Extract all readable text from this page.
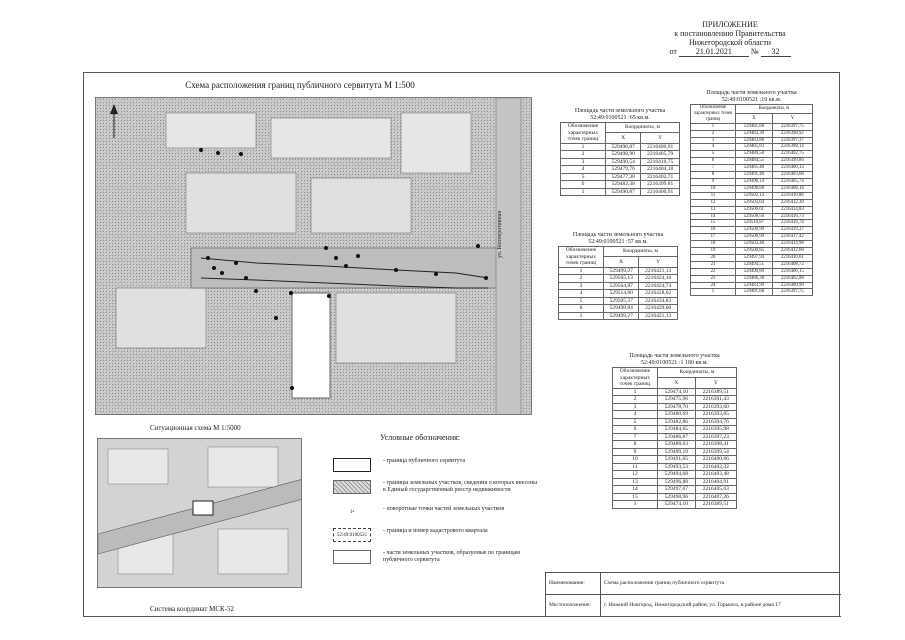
ПРИЛОЖЕНИЕ
к постановлению Правительства
Нижегородской области
от 21.01.2021 № 32
Схема расположения границ публичного сервитута М 1:500
ул. Кооперативная
Ситуационная схема М 1:5000
Система координат МСК-52
Условные обозначения:
- граница публичного сервитута
- границы земельных участков, сведения о которых внесены в Единый государственный реестр недвижимости
1•
- поворотные точки частей земельных участков
52:49:0100521
- граница и номер кадастрового квартала
- части земельных участков, образуемые по границам публичного сервитута
Площадь части земельного участка 52:49:0100521 :65 кв.м.
Обозначение характерных точек границ	Координаты, м	
	X	Y
1	529490,87	2216400,91
2	529498,90	2216405,79
3	529490,54	2216410,75
4	529479,76	2216404,18
5	529477,38	2216402,71
6	529482,38	2216399,81
1	529490,87	2216400,91
Площадь части земельного участка 52:49:0100521 :57 кв.м.
Обозначение характерных точек границ	Координаты, м	
	X	Y
1	529499,27	2216421,13
2	529505,13	2216424,10
3	529504,87	2216424,74
4	529514,60	2216428,62
5	529505,37	2216434,83
6	529498,84	2216429,60
1	529499,27	2216421,13
Площадь части земельного участка 52:49:0100521 :19 кв.м.
Обозначение характерных точек границ	Координаты, м	
	X	Y
1	529481,68	2216397,75
2	529483,39	2216398,92
3	529483,86	2216397,37
4	529485,83	2216398,14
5	529489,58	2216402,75
6	529484,55	2216399,86
7	529485,40	2216400,13
8	529491,49	2216403,68
9	529496,14	2216405,74
10	529498,88	2216408,14
11	529502,14	2216410,86
12	529503,64	2216412,39
13	529506,61	2216414,83
14	529508,50	2216416,73
15	529510,87	2216418,74
16	529509,99	2216419,37
17	529506,99	2216417,42
18	529503,48	2216414,98
19	529500,85	2216412,68
20	529497,94	2216410,61
21	529494,51	2216408,72
22	529490,89	2216406,15
23	529486,38	2216402,88
24	529483,99	2216400,99
1	529481,68	2216397,75
Площадь части земельного участка 52:49:0100521 :1 180 кв.м.
Обозначение характерных точек границ	Координаты, м	
	X	Y
1	529474,10	2216389,51
2	529475,96	2216391,43
3	529478,70	2216393,60
4	529480,69	2216393,85
5	529482,86	2216394,76
6	529484,65	2216395,98
7	529486,87	2216397,23
8	529488,63	2216398,41
9	529490,19	2216399,54
10	529491,65	2216400,86
11	529493,53	2216402,32
12	529494,68	2216403,48
13	529496,88	2216404,91
14	529497,67	2216405,63
15	529498,96	2216407,26
1	529474,10	2216389,51
Наименование:	Схема расположения границ публичного сервитута
Местоположение:	г. Нижний Новгород, Нижегородский район, ул. Горького, в районе дома 17
